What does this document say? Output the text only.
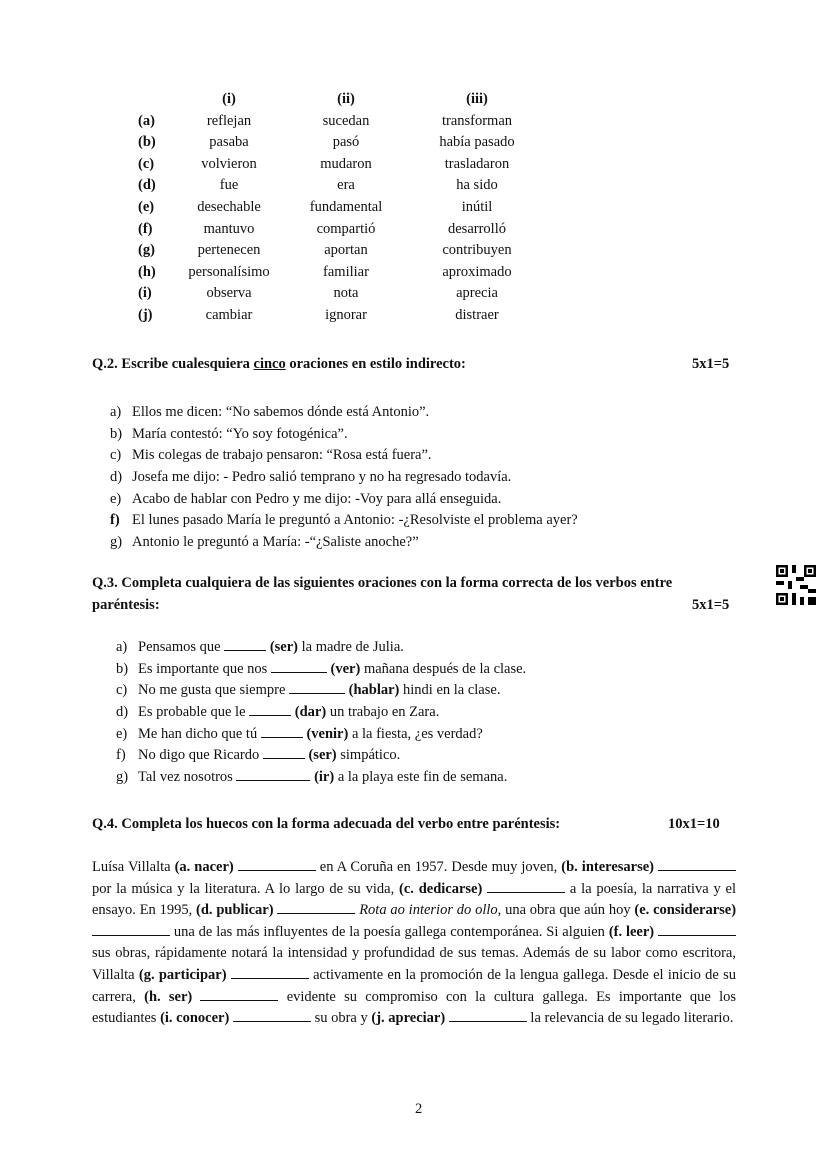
	(i)	(ii)	(iii)
(a)	reflejan	sucedan	transforman
(b)	pasaba	pasó	había pasado
(c)	volvieron	mudaron	trasladaron
(d)	fue	era	ha sido
(e)	desechable	fundamental	inútil
(f)	mantuvo	compartió	desarrolló
(g)	pertenecen	aportan	contribuyen
(h)	personalísimo	familiar	aproximado
(i)	observa	nota	aprecia
(j)	cambiar	ignorar	distraer
Q.2. Escribe cualesquiera cinco oraciones en estilo indirecto:	5x1=5
a) Ellos me dicen: “No sabemos dónde está Antonio”.
b) María contestó: “Yo soy fotogénica”.
c) Mis colegas de trabajo pensaron: “Rosa está fuera”.
d) Josefa me dijo: - Pedro salió temprano y no ha regresado todavía.
e) Acabo de hablar con Pedro y me dijo: -Voy para allá enseguida.
f) El lunes pasado María le preguntó a Antonio: -¿Resolviste el problema ayer?
g) Antonio le preguntó a María: -“¿Saliste anoche?”
Q.3. Completa cualquiera de las siguientes oraciones con la forma correcta de los verbos entre
paréntesis:	5x1=5
a) Pensamos que	(ser) la madre de Julia.
b) Es importante que nos	(ver) mañana después de la clase.
c) No me gusta que siempre	(hablar) hindi en la clase.
d) Es probable que le	(dar) un trabajo en Zara.
e) Me han dicho que tú	(venir) a la fiesta, ¿es verdad?
f) No digo que Ricardo	(ser) simpático.
g) Tal vez nosotros	(ir) a la playa este fin de semana.
Q.4. Completa los huecos con la forma adecuada del verbo entre paréntesis:	10x1=10
Luísa Villalta (a. nacer)	en A Coruña en 1957. Desde muy joven, (b. interesarse)  por la música y la literatura. A lo largo de su vida, (c. dedicarse)	a la poesía, la narrativa y el ensayo. En 1995, (d. publicar)	Rota ao interior do ollo, una obra que aún hoy (e. considerarse)  una de las más influyentes de la poesía gallega contemporánea. Si alguien (f. leer)  sus obras, rápidamente notará la intensidad y profundidad de sus temas. Además de su labor como escritora, Villalta (g. participar)	activamente en la promoción de la lengua gallega. Desde el inicio de su carrera, (h. ser)	evidente su compromiso con la cultura gallega. Es importante que los estudiantes (i. conocer)	su obra y (j. apreciar)	la relevancia de su legado literario.
2
